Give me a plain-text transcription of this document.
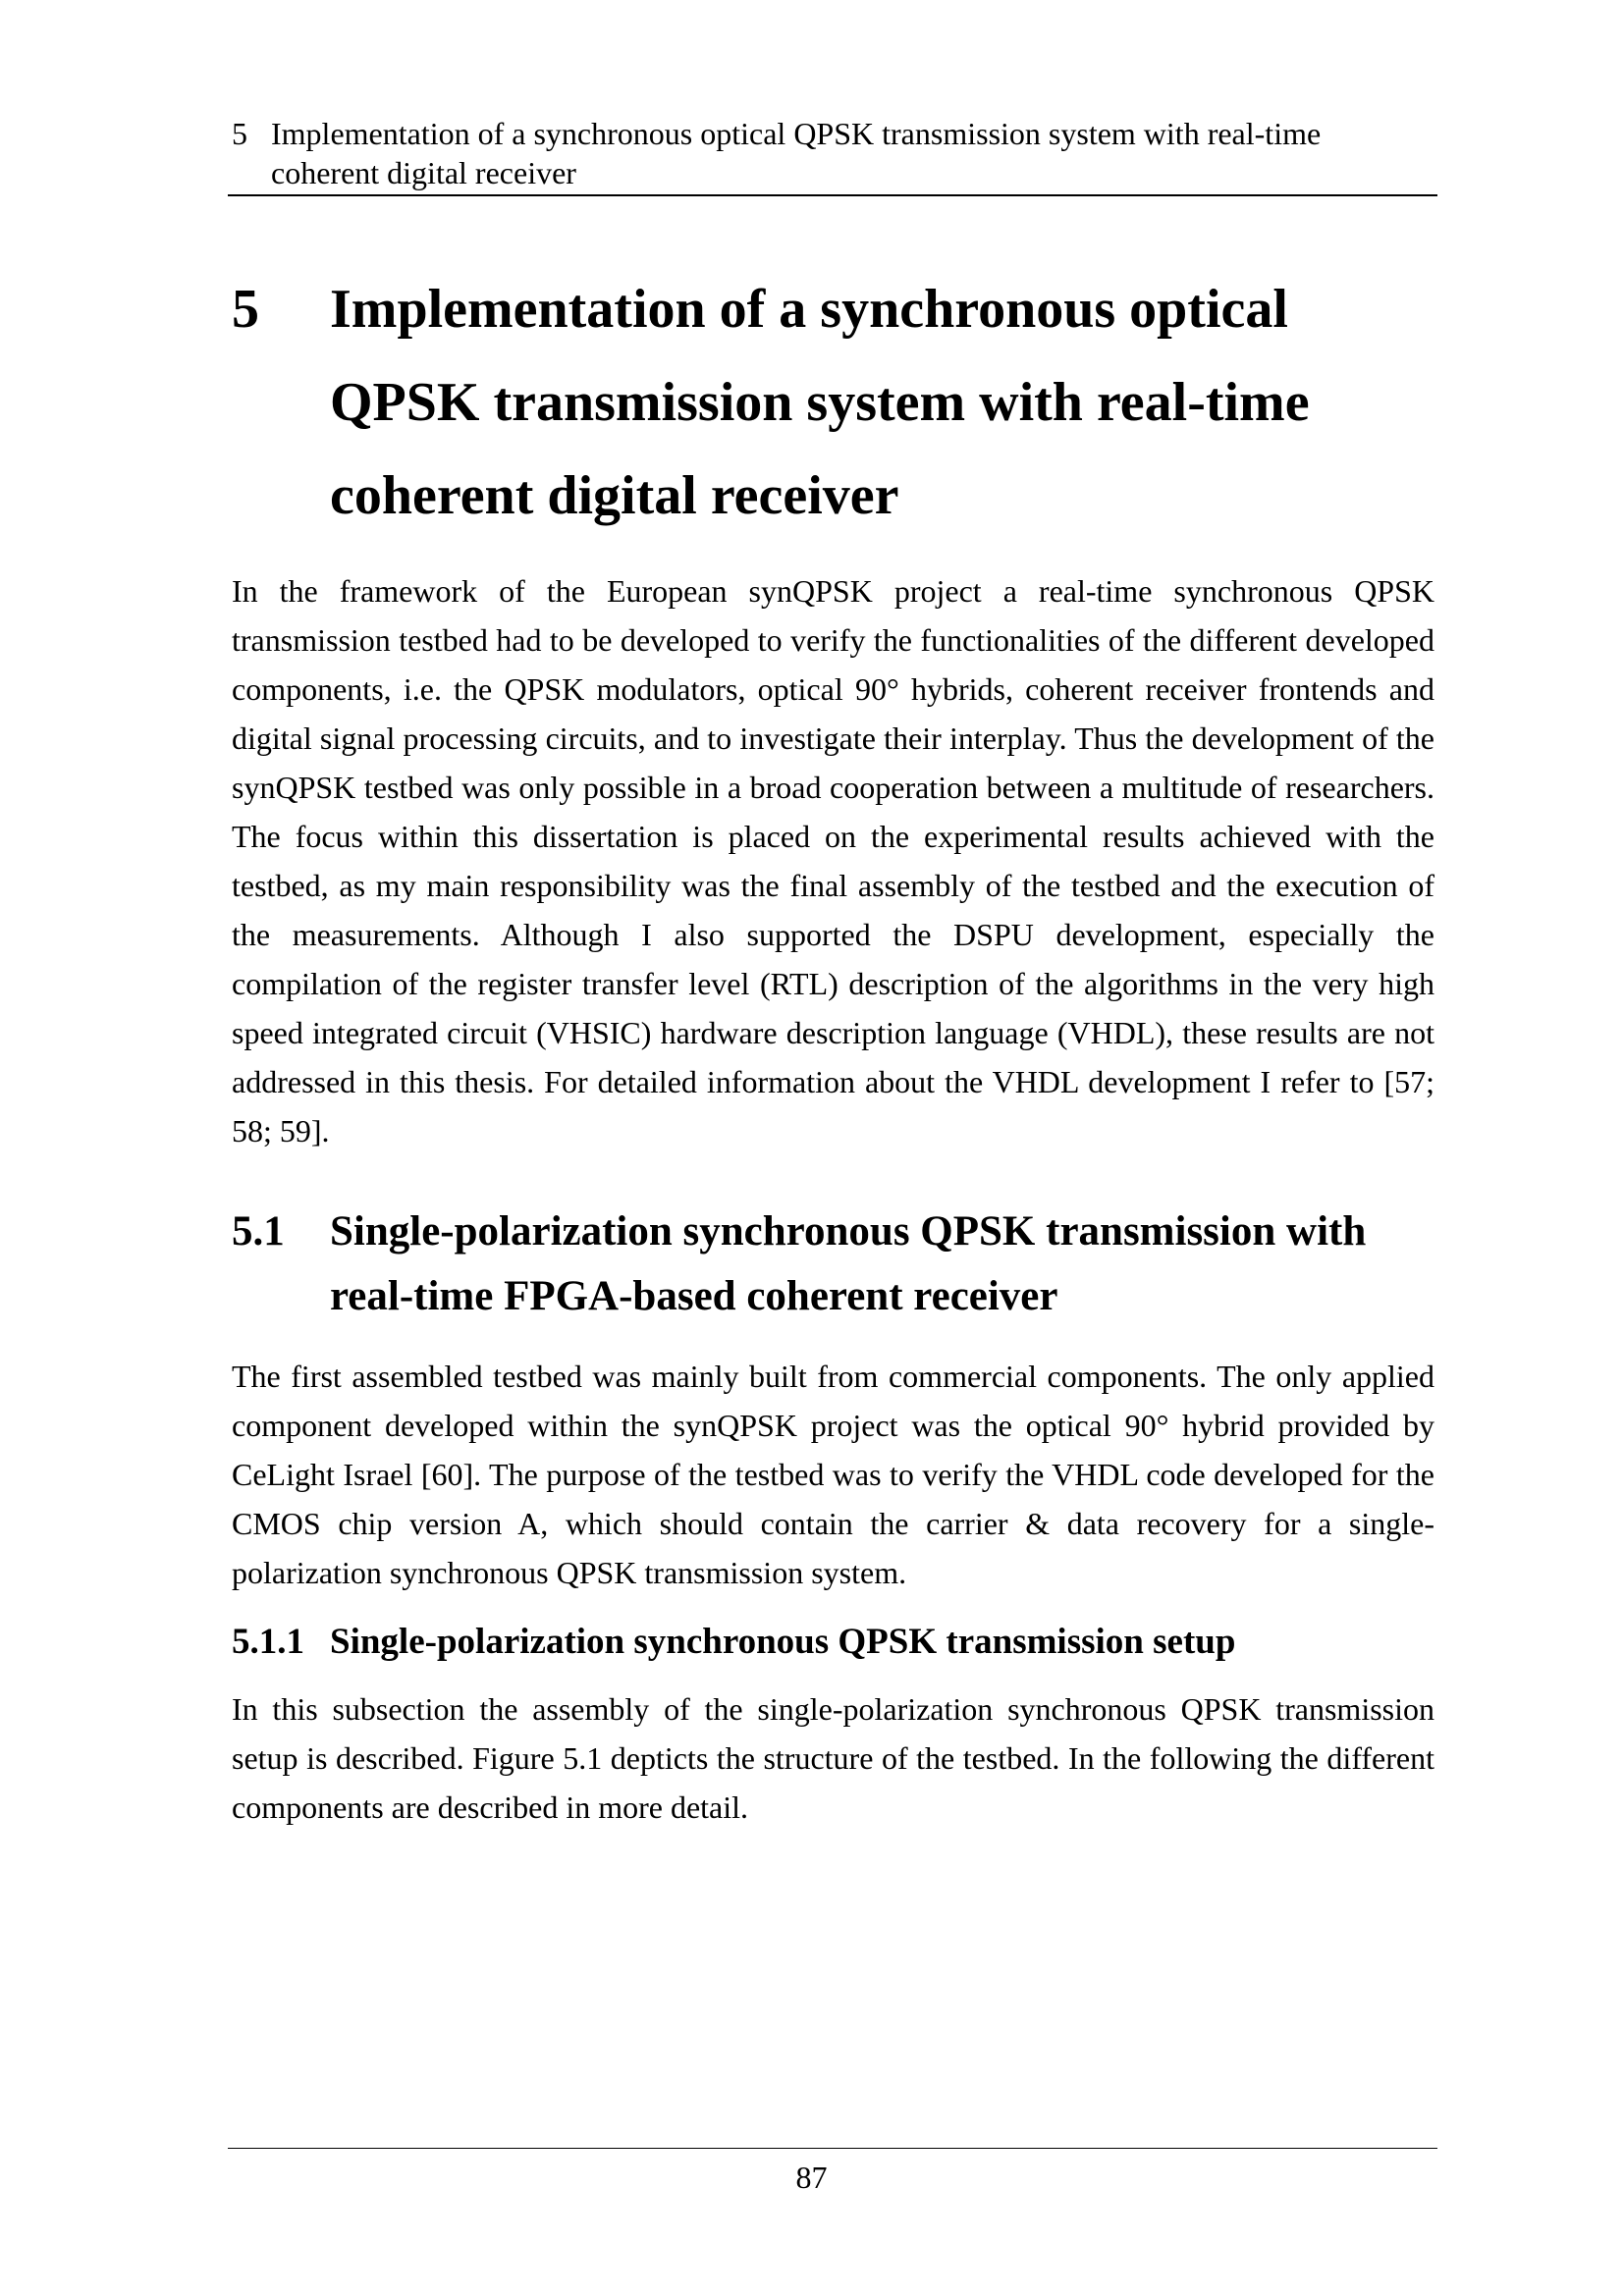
5 Implementation of a synchronous optical QPSK transmission system with real-time
coherent digital receiver
5	Implementation of a synchronous optical QPSK transmission system with real-time coherent digital receiver

In the framework of the European synQPSK project a real-time synchronous QPSK transmission testbed had to be developed to verify the functionalities of the different developed components, i.e. the QPSK modulators, optical 90° hybrids, coherent receiver frontends and digital signal processing circuits, and to investigate their interplay. Thus the development of the synQPSK testbed was only possible in a broad cooperation between a multitude of researchers. The focus within this dissertation is placed on the experimental results achieved with the testbed, as my main responsibility was the final assembly of the testbed and the execution of the measurements. Although I also supported the DSPU development, especially the compilation of the register transfer level (RTL) description of the algorithms in the very high speed integrated circuit (VHSIC) hardware description language (VHDL), these results are not addressed in this thesis. For detailed information about the VHDL development I refer to [57; 58; 59].

5.1	Single-polarization synchronous QPSK transmission with real-time FPGA-based coherent receiver

The first assembled testbed was mainly built from commercial components. The only applied component developed within the synQPSK project was the optical 90° hybrid provided by CeLight Israel [60]. The purpose of the testbed was to verify the VHDL code developed for the CMOS chip version A, which should contain the carrier & data recovery for a single-polarization synchronous QPSK transmission system.

5.1.1 Single-polarization synchronous QPSK transmission setup

In this subsection the assembly of the single-polarization synchronous QPSK transmission setup is described. Figure 5.1 depticts the structure of the testbed. In the following the different components are described in more detail.

87
